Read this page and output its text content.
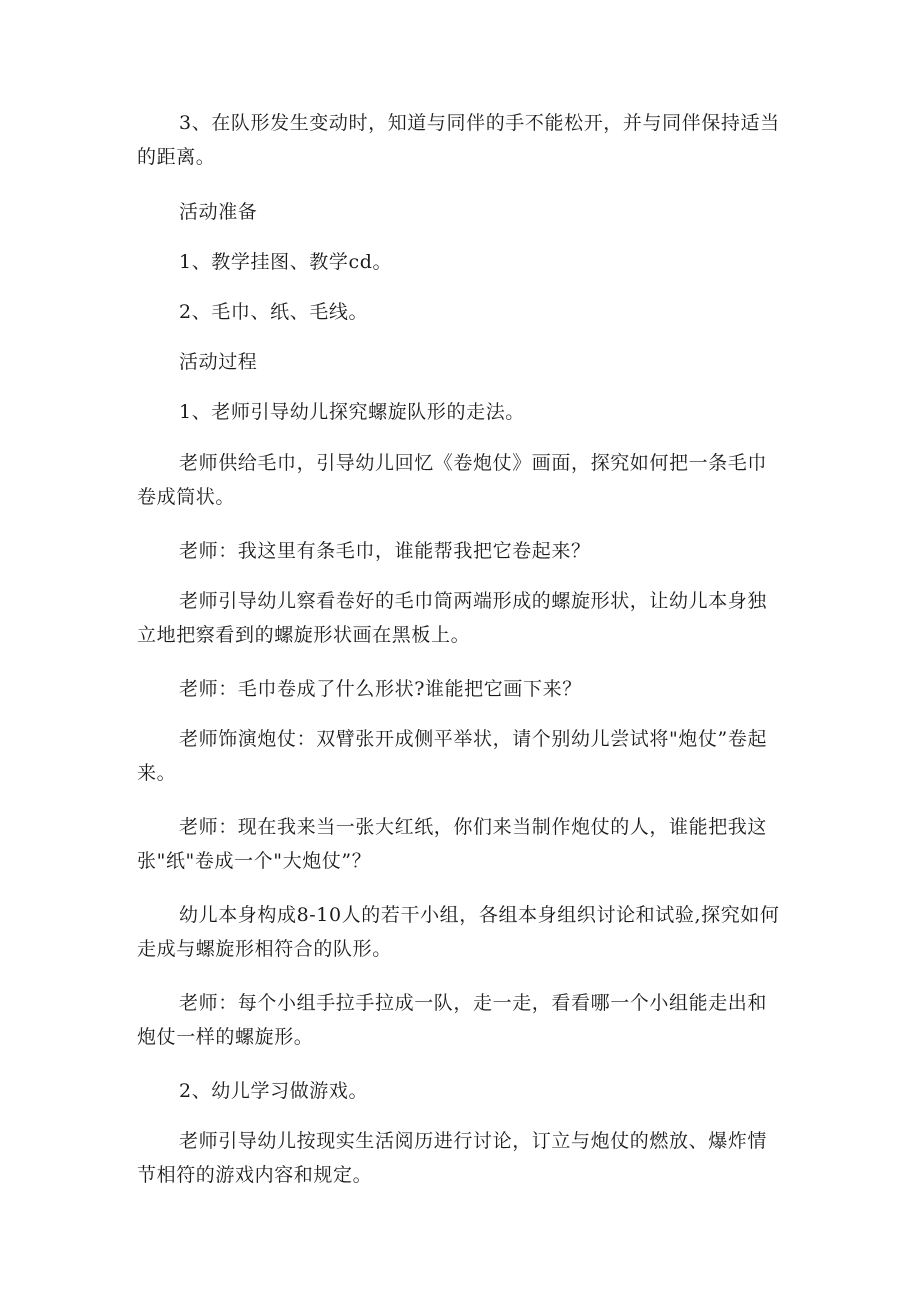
3、在队形发生变动时，知道与同伴的手不能松开，并与同伴保持适当的距离。

活动准备

1、教学挂图、教学cd。

2、毛巾、纸、毛线。

活动过程

1、老师引导幼儿探究螺旋队形的走法。

老师供给毛巾，引导幼儿回忆《卷炮仗》画面，探究如何把一条毛巾卷成筒状。

老师：我这里有条毛巾，谁能帮我把它卷起来？

老师引导幼儿察看卷好的毛巾筒两端形成的螺旋形状，让幼儿本身独立地把察看到的螺旋形状画在黑板上。

老师：毛巾卷成了什么形状?谁能把它画下来？

老师饰演炮仗：双臂张开成侧平举状，请个别幼儿尝试将"炮仗”卷起来。

老师：现在我来当一张大红纸，你们来当制作炮仗的人，谁能把我这张"纸"卷成一个"大炮仗”？

幼儿本身构成8-10人的若干小组，各组本身组织讨论和试验,探究如何走成与螺旋形相符合的队形。

老师：每个小组手拉手拉成一队，走一走，看看哪一个小组能走出和炮仗一样的螺旋形。

2、幼儿学习做游戏。

老师引导幼儿按现实生活阅历进行讨论，订立与炮仗的燃放、爆炸情节相符的游戏内容和规定。
